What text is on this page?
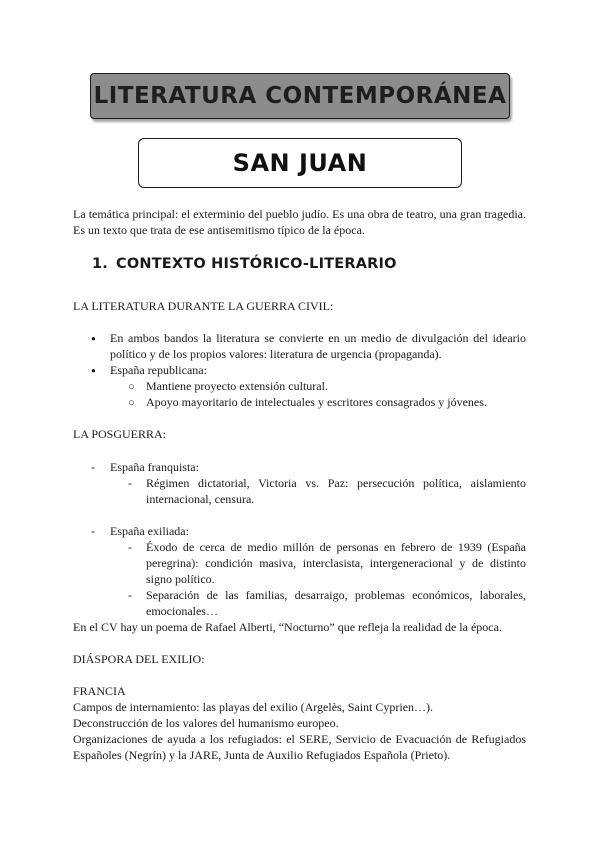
LITERATURA CONTEMPORÁNEA
SAN JUAN
La temática principal: el exterminio del pueblo judío. Es una obra de teatro, una gran tragedia. Es un texto que trata de ese antisemitismo típico de la época.
1. CONTEXTO HISTÓRICO-LITERARIO
LA LITERATURA DURANTE LA GUERRA CIVIL:
● En ambos bandos la literatura se convierte en un medio de divulgación del ideario político y de los propios valores: literatura de urgencia (propaganda).
● España republicana:
○ Mantiene proyecto extensión cultural.
○ Apoyo mayoritario de intelectuales y escritores consagrados y jóvenes.
LA POSGUERRA:
- España franquista:
- Régimen dictatorial, Victoria vs. Paz: persecución política, aislamiento internacional, censura.
- España exiliada:
- Éxodo de cerca de medio millón de personas en febrero de 1939 (España peregrina): condición masiva, interclasista, intergeneracional y de distinto signo político.
- Separación de las familias, desarraigo, problemas económicos, laborales, emocionales…
En el CV hay un poema de Rafael Alberti, “Nocturno” que refleja la realidad de la época.
DIÁSPORA DEL EXILIO:
FRANCIA
Campos de internamiento: las playas del exilio (Argelès, Saint Cyprien…).
Deconstrucción de los valores del humanismo europeo.
Organizaciones de ayuda a los refugiados: el SERE, Servicio de Evacuación de Refugiados Españoles (Negrín) y la JARE, Junta de Auxilio Refugiados Española (Prieto).
